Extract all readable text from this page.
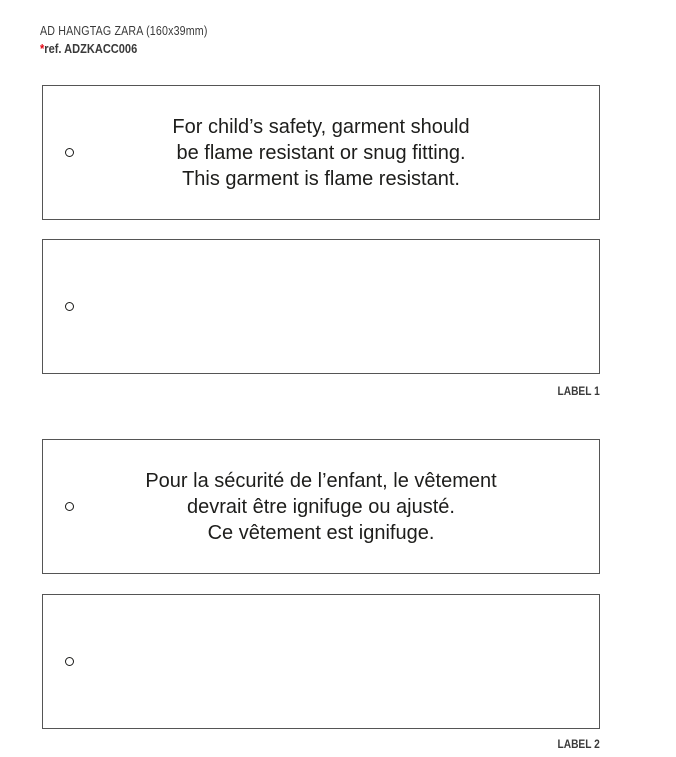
AD HANGTAG ZARA (160x39mm)
*ref. ADZKACC006
For child’s safety, garment should
be flame resistant or snug fitting.
This garment is flame resistant.
LABEL 1
Pour la sécurité de l’enfant, le vêtement
devrait être ignifuge ou ajusté.
Ce vêtement est ignifuge.
LABEL 2
